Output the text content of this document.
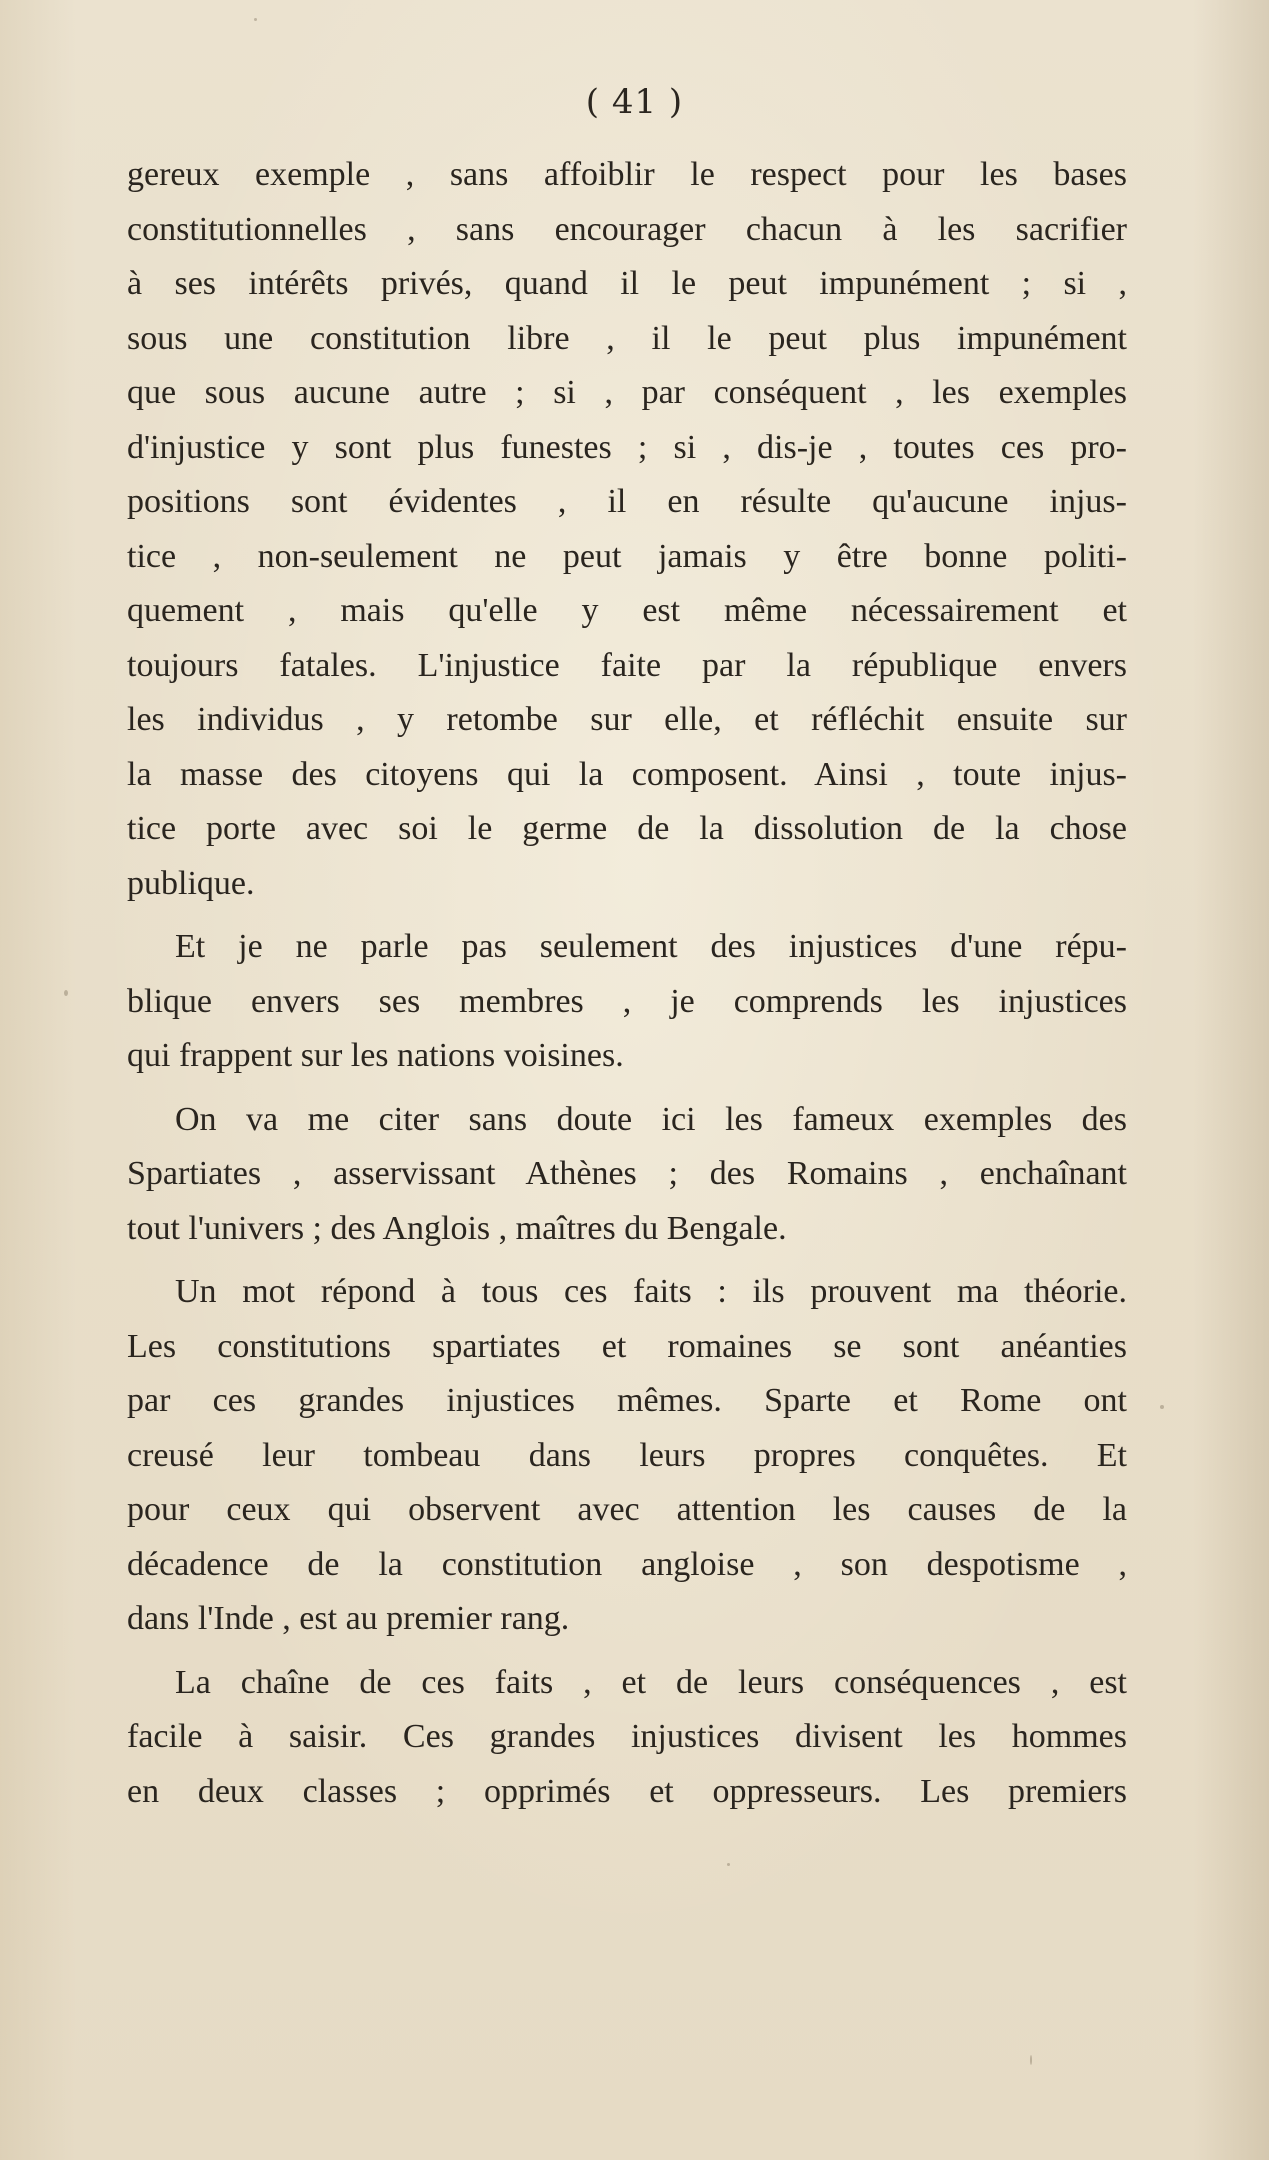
( 41 )

gereux exemple , sans affoiblir le respect pour les bases
constitutionnelles , sans encourager chacun à les sacrifier
à ses intérêts privés, quand il le peut impunément ; si ,
sous une constitution libre , il le peut plus impunément
que sous aucune autre ; si , par conséquent , les exemples
d'injustice y sont plus funestes ; si , dis-je , toutes ces pro-
positions sont évidentes , il en résulte qu'aucune injus-
tice , non-seulement ne peut jamais y être bonne politi-
quement , mais qu'elle y est même nécessairement et
toujours fatales. L'injustice faite par la république envers
les individus , y retombe sur elle, et réfléchit ensuite sur
la masse des citoyens qui la composent. Ainsi , toute injus-
tice porte avec soi le germe de la dissolution de la chose
publique.

Et je ne parle pas seulement des injustices d'une répu-
blique envers ses membres , je comprends les injustices
qui frappent sur les nations voisines.

On va me citer sans doute ici les fameux exemples des
Spartiates , asservissant Athènes ; des Romains , enchaînant
tout l'univers ; des Anglois , maîtres du Bengale.

Un mot répond à tous ces faits : ils prouvent ma théorie.
Les constitutions spartiates et romaines se sont anéanties
par ces grandes injustices mêmes. Sparte et Rome ont
creusé leur tombeau dans leurs propres conquêtes. Et
pour ceux qui observent avec attention les causes de la
décadence de la constitution angloise , son despotisme ,
dans l'Inde , est au premier rang.

La chaîne de ces faits , et de leurs conséquences , est
facile à saisir. Ces grandes injustices divisent les hommes
en deux classes ; opprimés et oppresseurs. Les premiers
